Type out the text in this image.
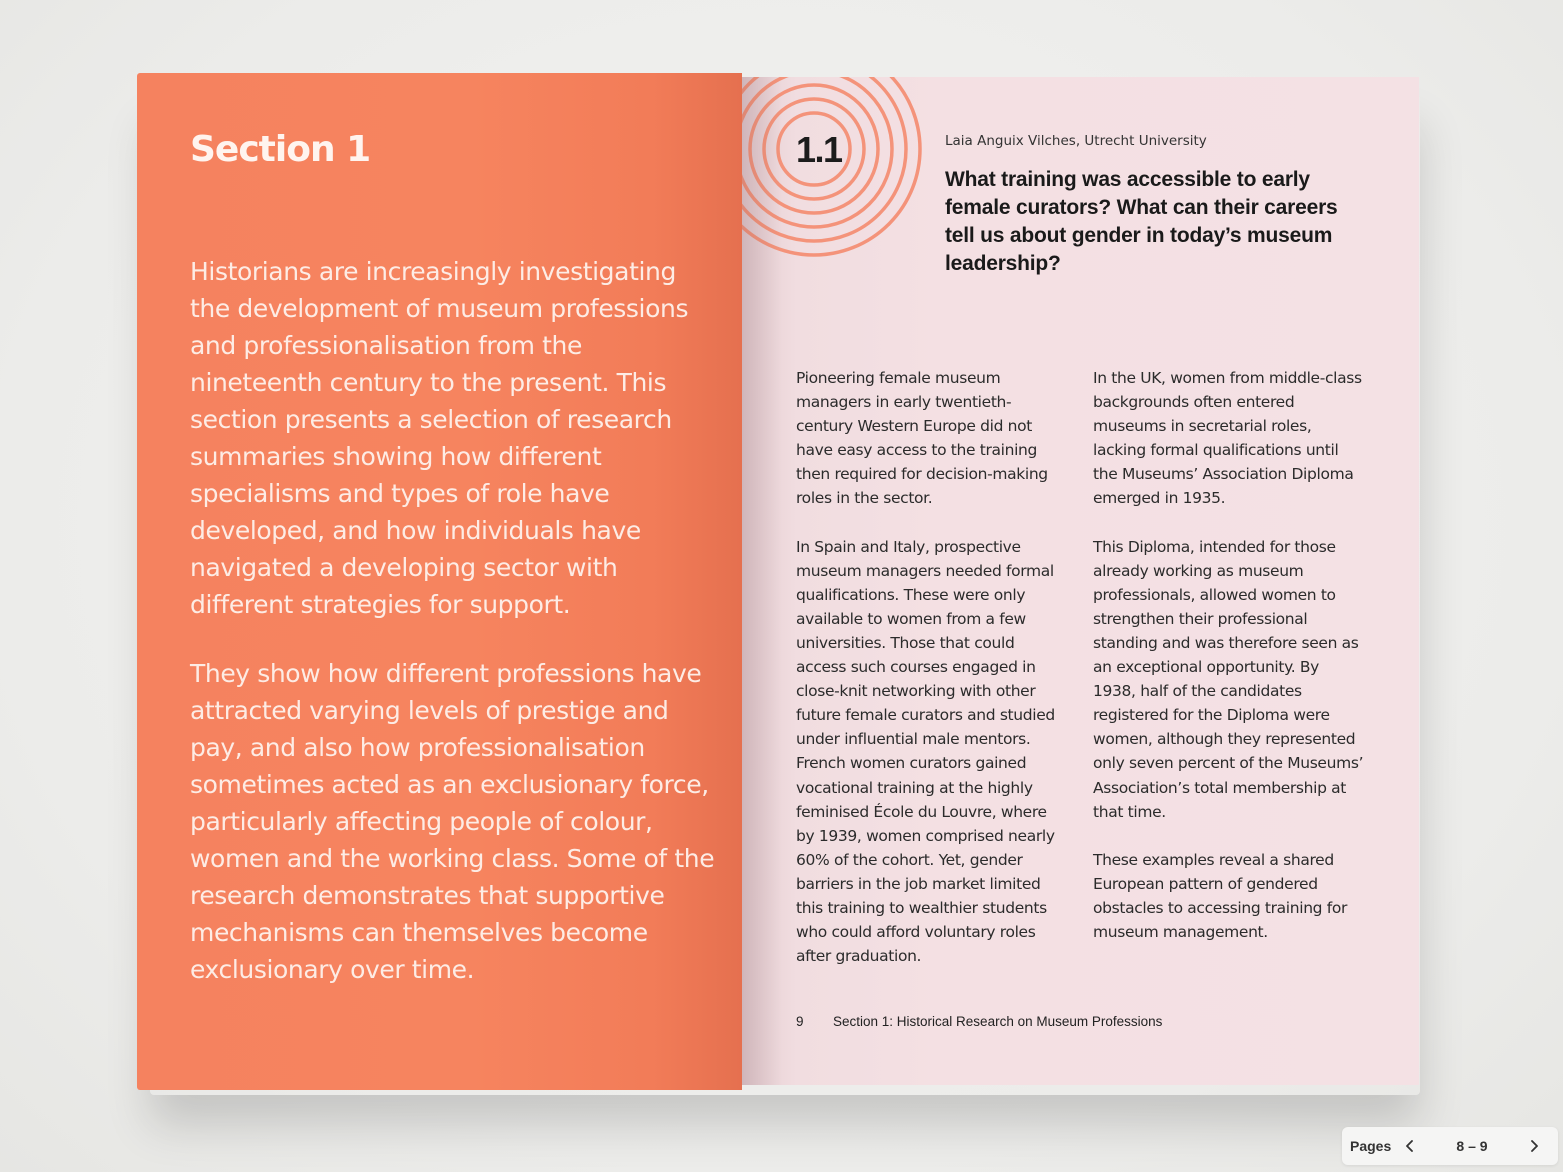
Section 1

Historians are increasingly investigating the development of museum professions and professionalisation from the nineteenth century to the present. This section presents a selection of research summaries showing how different specialisms and types of role have developed, and how individuals have navigated a developing sector with different strategies for support.

They show how different professions have attracted varying levels of prestige and pay, and also how professionalisation sometimes acted as an exclusionary force, particularly affecting people of colour, women and the working class. Some of the research demonstrates that supportive mechanisms can themselves become exclusionary over time.

1.1	Laia Anguix Vilches, Utrecht University
What training was accessible to early female curators? What can their careers tell us about gender in today’s museum leadership?

Pioneering female museum managers in early twentieth-century Western Europe did not have easy access to the training then required for decision-making roles in the sector.

In Spain and Italy, prospective museum managers needed formal qualifications. These were only available to women from a few universities. Those that could access such courses engaged in close-knit networking with other future female curators and studied under influential male mentors. French women curators gained vocational training at the highly feminised École du Louvre, where by 1939, women comprised nearly 60% of the cohort. Yet, gender barriers in the job market limited this training to wealthier students who could afford voluntary roles after graduation.

In the UK, women from middle-class backgrounds often entered museums in secretarial roles, lacking formal qualifications until the Museums’ Association Diploma emerged in 1935.

This Diploma, intended for those already working as museum professionals, allowed women to strengthen their professional standing and was therefore seen as an exceptional opportunity. By 1938, half of the candidates registered for the Diploma were women, although they represented only seven percent of the Museums’ Association’s total membership at that time.

These examples reveal a shared European pattern of gendered obstacles to accessing training for museum management.

9 Section 1: Historical Research on Museum Professions
Pages	8 – 9
